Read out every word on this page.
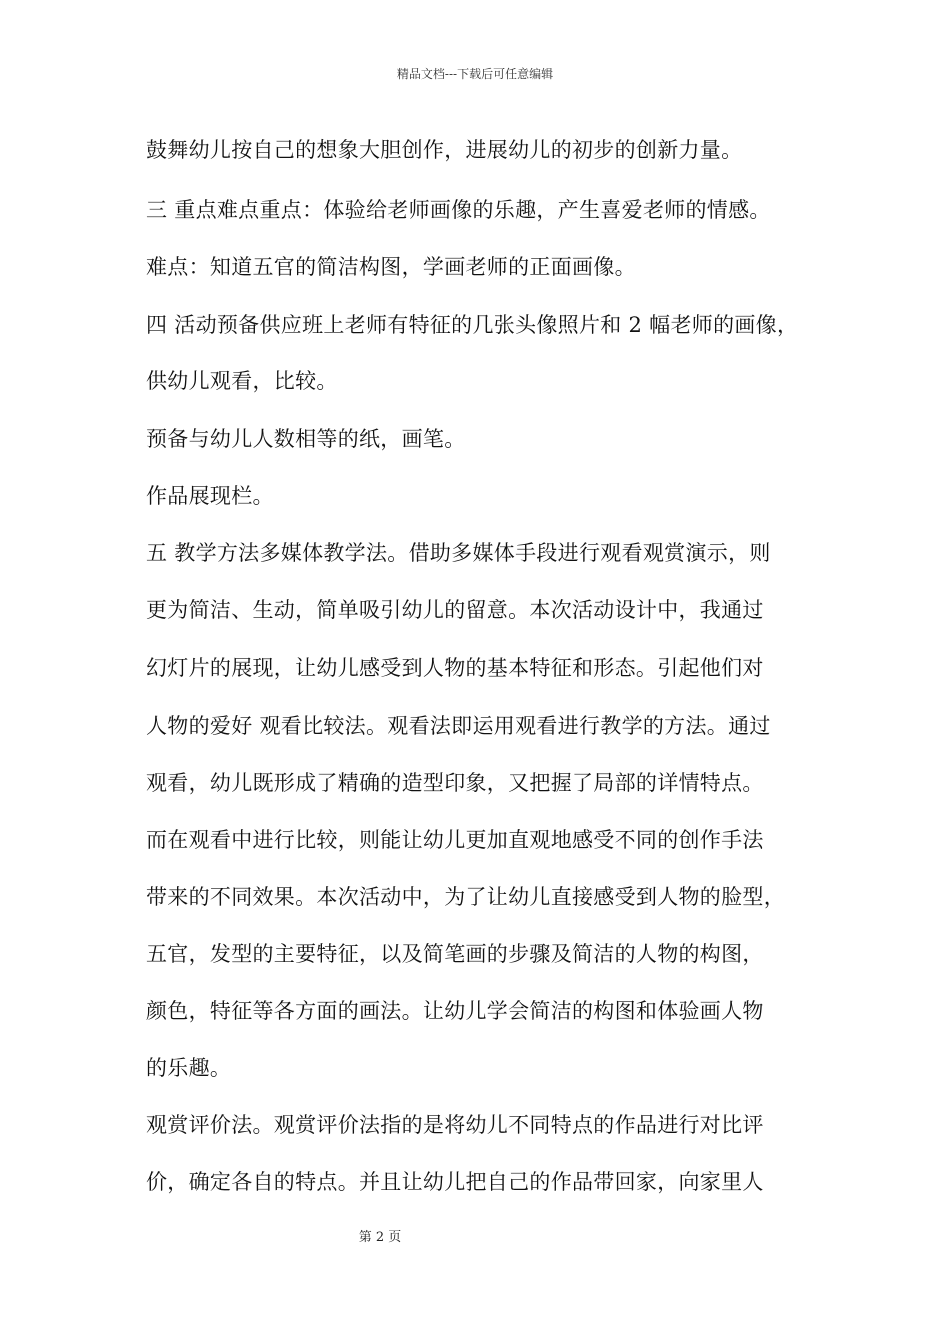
精品文档---下载后可任意编辑
鼓舞幼儿按自己的想象大胆创作，进展幼儿的初步的创新力量。
三 重点难点重点：体验给老师画像的乐趣，产生喜爱老师的情感。
难点：知道五官的简洁构图，学画老师的正面画像。
四 活动预备供应班上老师有特征的几张头像照片和 2 幅老师的画像，
供幼儿观看，比较。
预备与幼儿人数相等的纸，画笔。
作品展现栏。
五 教学方法多媒体教学法。借助多媒体手段进行观看观赏演示，则
更为简洁、生动，简单吸引幼儿的留意。本次活动设计中，我通过
幻灯片的展现，让幼儿感受到人物的基本特征和形态。引起他们对
人物的爱好 观看比较法。观看法即运用观看进行教学的方法。通过
观看，幼儿既形成了精确的造型印象，又把握了局部的详情特点。
而在观看中进行比较，则能让幼儿更加直观地感受不同的创作手法
带来的不同效果。本次活动中，为了让幼儿直接感受到人物的脸型，
五官，发型的主要特征，以及简笔画的步骤及简洁的人物的构图，
颜色，特征等各方面的画法。让幼儿学会简洁的构图和体验画人物
的乐趣。
观赏评价法。观赏评价法指的是将幼儿不同特点的作品进行对比评
价，确定各自的特点。并且让幼儿把自己的作品带回家，向家里人
第 2 页
